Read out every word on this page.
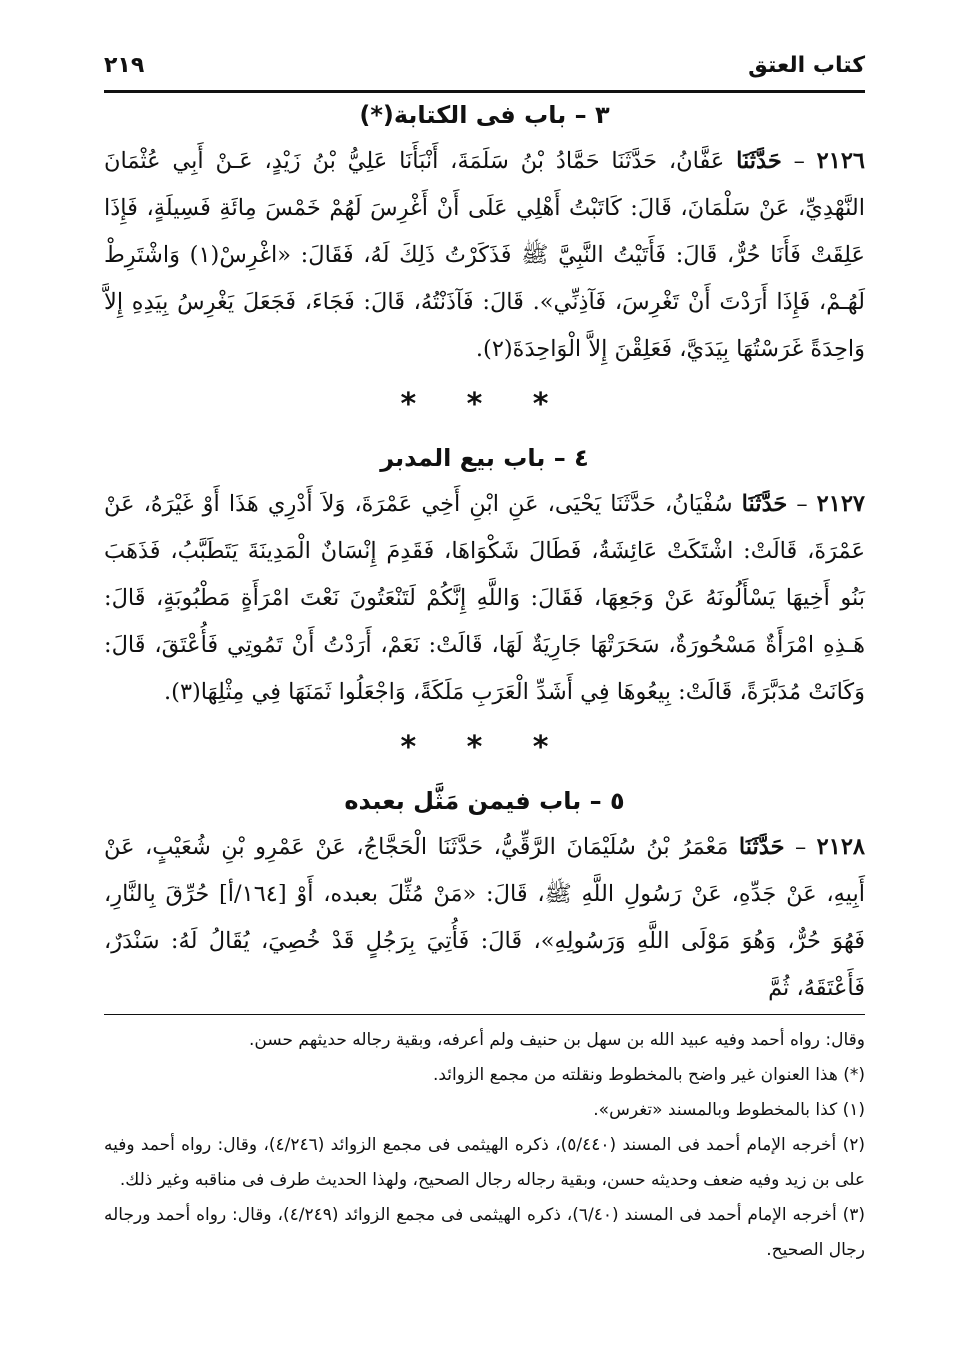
كتاب العتق
٢١٩
٣ – باب فى الكتابة(*)

٢١٢٦ – حَدَّثَنَا عَفَّانُ، حَدَّثَنَا حَمَّادُ بْنُ سَلَمَةَ، أَنْبَأَنَا عَلِيُّ بْنُ زَيْدٍ، عَـنْ أَبِي عُثْمَانَ النَّهْدِيِّ، عَنْ سَلْمَانَ، قَالَ: كَاتَبْتُ أَهْلِي عَلَى أَنْ أَغْرِسَ لَهُمْ خَمْسَ مِائَةِ فَسِيلَةٍ، فَإِذَا عَلِقَتْ فَأَنَا حُرٌّ، قَالَ: فَأَتَيْتُ النَّبِيَّ ﷺ فَذَكَرْتُ ذَلِكَ لَهُ، فَقَالَ: «اغْرِسْ(١) وَاشْتَرِطْ لَهُـمْ، فَإِذَا أَرَدْتَ أَنْ تَغْرِسَ، فَآذِنِّي». قَالَ: فَآذَنْتُهُ، قَالَ: فَجَاءَ، فَجَعَلَ يَغْرِسُ بِيَدِهِ إِلاَّ وَاحِدَةً غَرَسْتُهَا بِيَدَيَّ، فَعَلِقْنَ إِلاَّ الْوَاحِدَةَ(٢).

* * *
٤ – باب بيع المدبر

٢١٢٧ – حَدَّثَنَا سُفْيَانُ، حَدَّثَنَا يَحْيَى، عَنِ ابْنِ أَخِي عَمْرَةَ، وَلاَ أَدْرِي هَذَا أَوْ غَيْرَهُ، عَنْ عَمْرَةَ، قَالَتْ: اشْتَكَتْ عَائِشَةُ، فَطَالَ شَكْوَاهَا، فَقَدِمَ إِنْسَانٌ الْمَدِينَةَ يَتَطَبَّبُ، فَذَهَبَ بَنُو أَخِيهَا يَسْأَلُونَهُ عَنْ وَجَعِهَا، فَقَالَ: وَاللَّهِ إِنَّكُمْ لَتَنْعَتُونَ نَعْتَ امْرَأَةٍ مَطْبُوبَةٍ، قَالَ: هَـذِهِ امْرَأَةٌ مَسْحُورَةٌ، سَحَرَتْهَا جَارِيَةٌ لَهَا، قَالَتْ: نَعَمْ، أَرَدْتُ أَنْ تَمُوتِي فَأُعْتَقَ، قَالَ: وَكَانَتْ مُدَبَّرَةً، قَالَتْ: بِيعُوهَا فِي أَشَدِّ الْعَرَبِ مَلَكَةً، وَاجْعَلُوا ثَمَنَهَا فِي مِثْلِهَا(٣).

* * *
٥ – باب فيمن مَثَّل بعبده

٢١٢٨ – حَدَّثَنَا مَعْمَرُ بْنُ سُلَيْمَانَ الرَّقِّيُّ، حَدَّثَنَا الْحَجَّاجُ، عَنْ عَمْرِو بْنِ شُعَيْبٍ، عَنْ أَبِيهِ، عَنْ جَدِّهِ، عَنْ رَسُولِ اللَّهِ ﷺ، قَالَ: «مَنْ مُثِّلَ بعبده، أَوْ [١٦٤/أ] حُرِّقَ بِالنَّارِ، فَهُوَ حُرٌّ، وَهُوَ مَوْلَى اللَّهِ وَرَسُولِهِ»، قَالَ: فَأُتِيَ بِرَجُلٍ قَدْ خُصِيَ، يُقَالُ لَهُ: سَنْدَرٌ، فَأَعْتَقَهُ، ثُمَّ

وقال: رواه أحمد وفيه عبيد الله بن سهل بن حنيف ولم أعرفه، وبقية رجاله حديثهم حسن.

(*) هذا العنوان غير واضح بالمخطوط ونقلته من مجمع الزوائد.

(١) كذا بالمخطوط وبالمسند «تغرس».

(٢) أخرجه الإمام أحمد فى المسند (٥/٤٤٠)، ذكره الهيثمى فى مجمع الزوائد (٤/٢٤٦)، وقال: رواه أحمد وفيه على بن زيد وفيه ضعف وحديثه حسن، وبقية رجاله رجال الصحيح، ولهذا الحديث طرف فى مناقبه وغير ذلك.

(٣) أخرجه الإمام أحمد فى المسند (٦/٤٠)، ذكره الهيثمى فى مجمع الزوائد (٤/٢٤٩)، وقال: رواه أحمد ورجاله رجال الصحيح.
